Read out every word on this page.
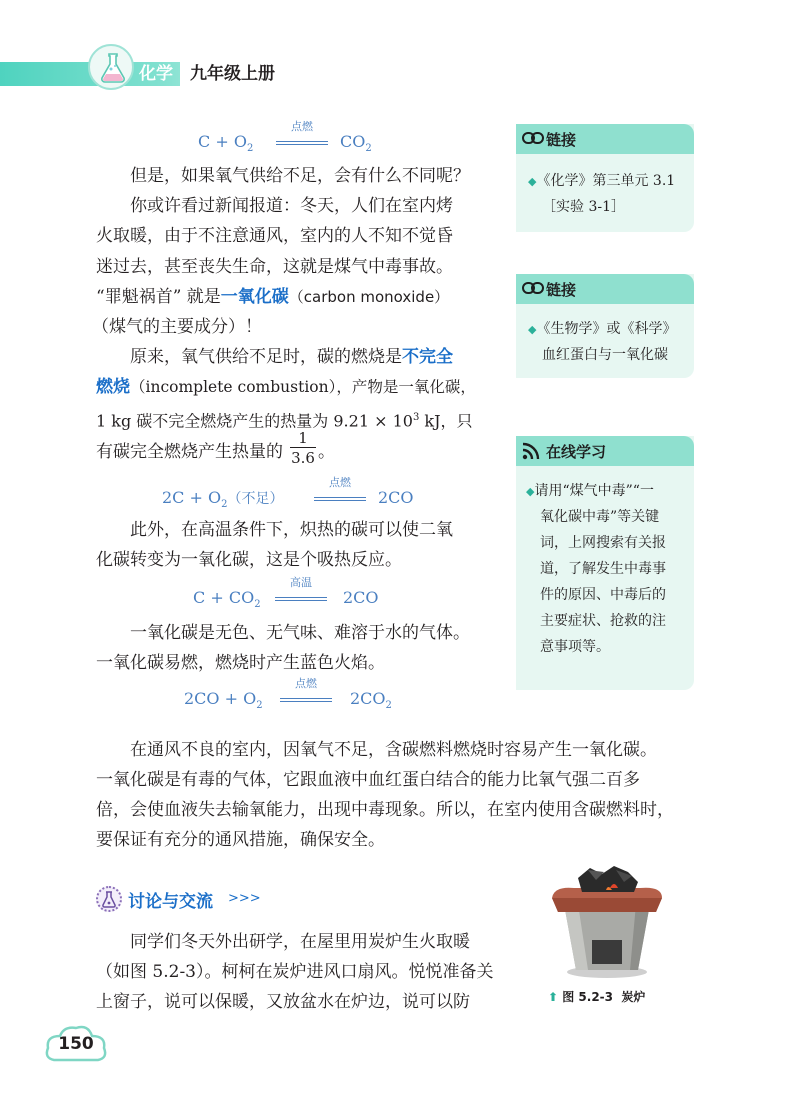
化学	九年级上册
$C + O_2$
点燃
$CO_2$
但是，如果氧气供给不足，会有什么不同呢？
你或许看过新闻报道：冬天，人们在室内烤
火取暖，由于不注意通风，室内的人不知不觉昏
迷过去，甚至丧失生命，这就是煤气中毒事故。
“罪魁祸首” 就是一氧化碳（carbon monoxide）
（煤气的主要成分）！
原来，氧气供给不足时，碳的燃烧是不完全
燃烧（incomplete combustion），产物是一氧化碳，
1 kg 碳不完全燃烧产生的热量为 $9.21 \times 10^3$ kJ，只
有碳完全燃烧产生热量的
1
3.6 。
$2C + O_2$（不足）
点燃
2CO
此外，在高温条件下，炽热的碳可以使二氧
化碳转变为一氧化碳，这是个吸热反应。
$C + CO_2$
高温
2CO
一氧化碳是无色、无气味、难溶于水的气体。
一氧化碳易燃，燃烧时产生蓝色火焰。
$2CO + O_2$
点燃
$2CO_2$
在通风不良的室内，因氧气不足，含碳燃料燃烧时容易产生一氧化碳。
一氧化碳是有毒的气体，它跟血液中血红蛋白结合的能力比氧气强二百多
倍，会使血液失去输氧能力，出现中毒现象。所以，在室内使用含碳燃料时，
要保证有充分的通风措施，确保安全。
链接
◆《化学》第三单元 3.1
［实验 3-1］
链接
◆《生物学》或《科学》
血红蛋白与一氧化碳
在线学习
◆请用“煤气中毒”“一
氧化碳中毒”等关键
词，上网搜索有关报
道，了解发生中毒事
件的原因、中毒后的
主要症状、抢救的注
意事项等。
讨论与交流 >>>
同学们冬天外出研学，在屋里用炭炉生火取暖
（如图 5.2-3）。柯柯在炭炉进风口扇风。悦悦准备关
上窗子，说可以保暖，又放盆水在炉边，说可以防	⬆ 图 5.2-3 炭炉
150
